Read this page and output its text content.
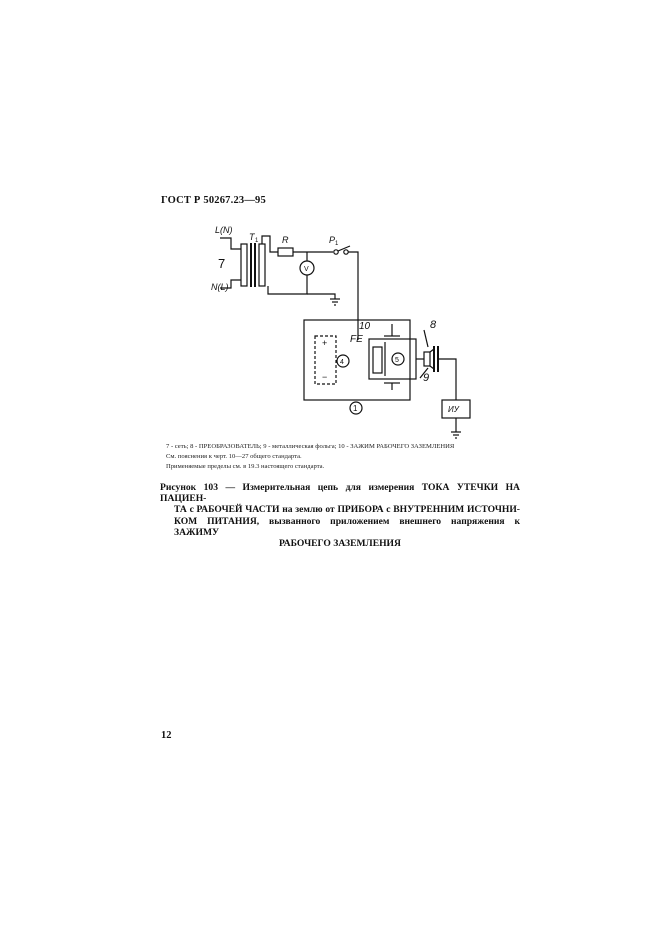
ГОСТ Р 50267.23—95
L(N)
N(L)
7
T 1	R	P 1
V
FE
10	8
9
4	5
1
+
−
ИУ
7 - сеть; 8 - ПРЕОБРАЗОВАТЕЛЬ; 9 - металлическая фольга; 10 - ЗАЖИМ РАБОЧЕГО ЗАЗЕМЛЕНИЯ
См. пояснения к черт. 10—27 общего стандарта.
Применяемые пределы см. в 19.3 настоящего стандарта.
Рисунок 103 — Измерительная цепь для измерения ТОКА УТЕЧКИ НА ПАЦИЕН-
ТА с РАБОЧЕЙ ЧАСТИ на землю от ПРИБОРА с ВНУТРЕННИМ ИСТОЧНИ-
КОМ ПИТАНИЯ, вызванного приложением внешнего напряжения к ЗАЖИМУ
РАБОЧЕГО ЗАЗЕМЛЕНИЯ
12
